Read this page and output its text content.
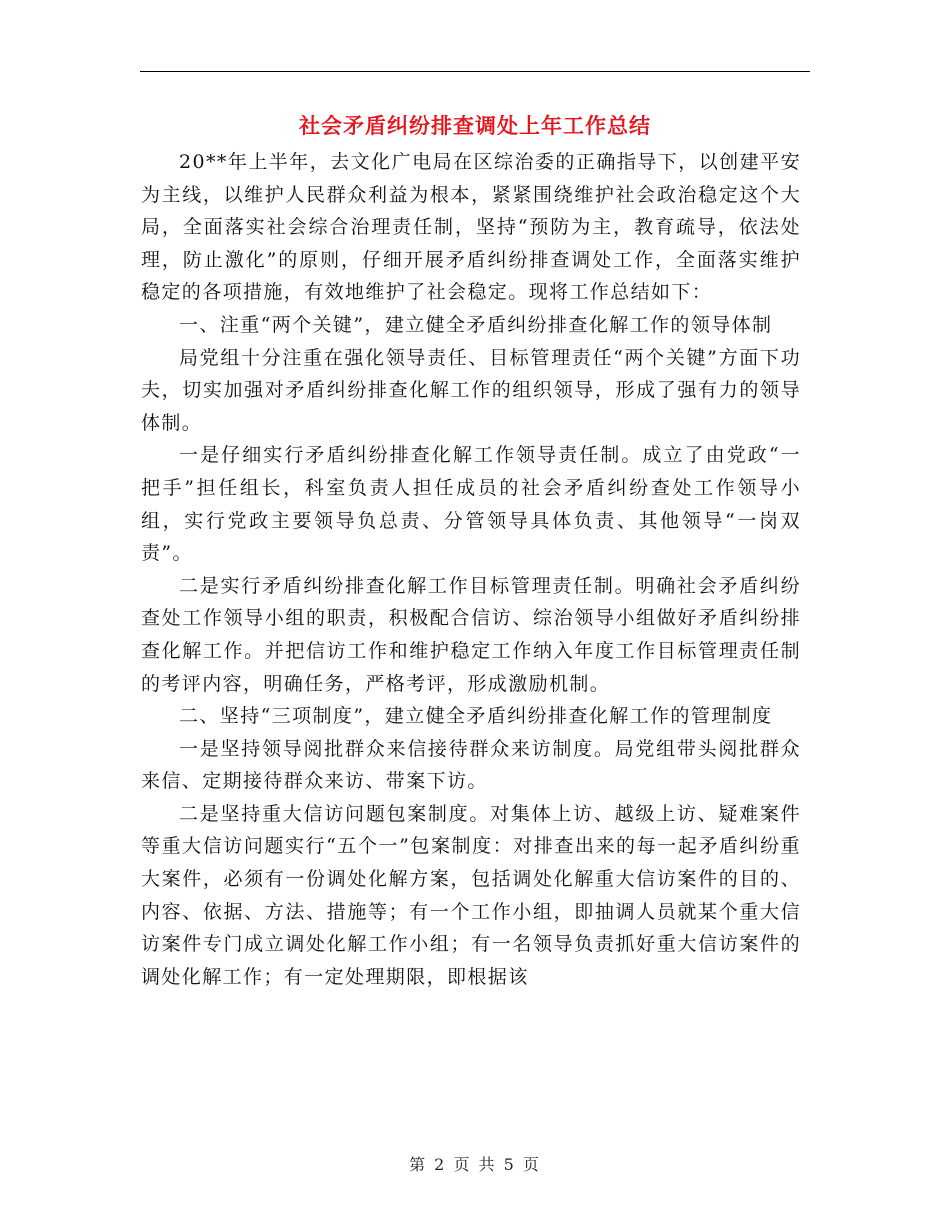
社会矛盾纠纷排查调处上年工作总结

20**年上半年，去文化广电局在区综治委的正确指导下，以创建平安为主线，以维护人民群众利益为根本，紧紧围绕维护社会政治稳定这个大局，全面落实社会综合治理责任制，坚持“预防为主，教育疏导，依法处理，防止激化”的原则，仔细开展矛盾纠纷排查调处工作，全面落实维护稳定的各项措施，有效地维护了社会稳定。现将工作总结如下：

一、注重“两个关键”，建立健全矛盾纠纷排查化解工作的领导体制

局党组十分注重在强化领导责任、目标管理责任“两个关键”方面下功夫，切实加强对矛盾纠纷排查化解工作的组织领导，形成了强有力的领导体制。

一是仔细实行矛盾纠纷排查化解工作领导责任制。成立了由党政“一把手”担任组长，科室负责人担任成员的社会矛盾纠纷查处工作领导小组，实行党政主要领导负总责、分管领导具体负责、其他领导“一岗双责”。

二是实行矛盾纠纷排查化解工作目标管理责任制。明确社会矛盾纠纷查处工作领导小组的职责，积极配合信访、综治领导小组做好矛盾纠纷排查化解工作。并把信访工作和维护稳定工作纳入年度工作目标管理责任制的考评内容，明确任务，严格考评，形成激励机制。

二、坚持“三项制度”，建立健全矛盾纠纷排查化解工作的管理制度

一是坚持领导阅批群众来信接待群众来访制度。局党组带头阅批群众来信、定期接待群众来访、带案下访。

二是坚持重大信访问题包案制度。对集体上访、越级上访、疑难案件等重大信访问题实行“五个一”包案制度：对排查出来的每一起矛盾纠纷重大案件，必须有一份调处化解方案，包括调处化解重大信访案件的目的、内容、依据、方法、措施等；有一个工作小组，即抽调人员就某个重大信访案件专门成立调处化解工作小组；有一名领导负责抓好重大信访案件的调处化解工作；有一定处理期限，即根据该

第 2 页 共 5 页
